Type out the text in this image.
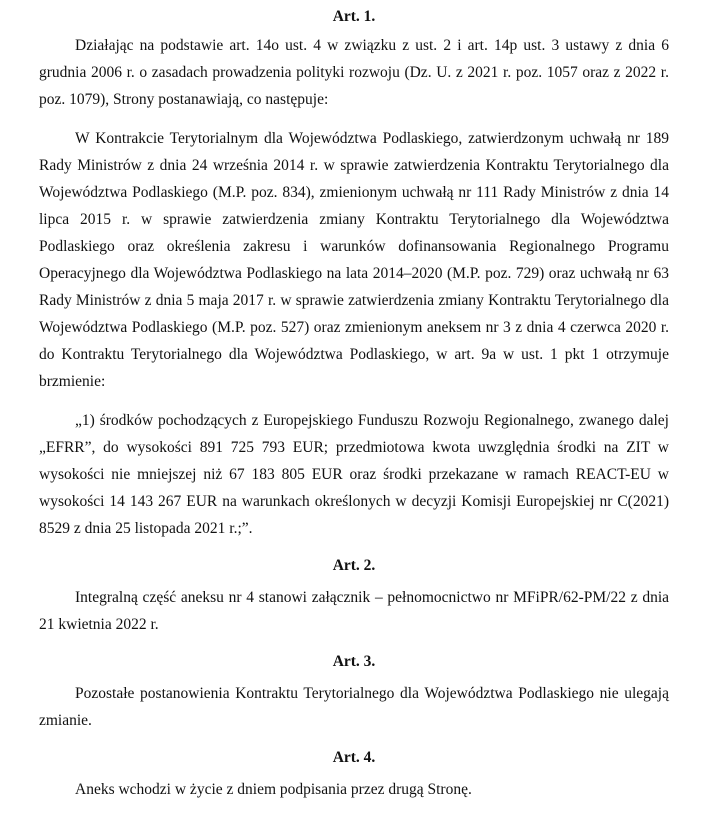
Art. 1.

Działając na podstawie art. 14o ust. 4 w związku z ust. 2 i art. 14p ust. 3 ustawy z dnia 6 grudnia 2006 r. o zasadach prowadzenia polityki rozwoju (Dz. U. z 2021 r. poz. 1057 oraz z 2022 r. poz. 1079), Strony postanawiają, co następuje:

W Kontrakcie Terytorialnym dla Województwa Podlaskiego, zatwierdzonym uchwałą nr 189 Rady Ministrów z dnia 24 września 2014 r. w sprawie zatwierdzenia Kontraktu Terytorialnego dla Województwa Podlaskiego (M.P. poz. 834), zmienionym uchwałą nr 111 Rady Ministrów z dnia 14 lipca 2015 r. w sprawie zatwierdzenia zmiany Kontraktu Terytorialnego dla Województwa Podlaskiego oraz określenia zakresu i warunków dofinansowania Regionalnego Programu Operacyjnego dla Województwa Podlaskiego na lata 2014–2020 (M.P. poz. 729) oraz uchwałą nr 63 Rady Ministrów z dnia 5 maja 2017 r. w sprawie zatwierdzenia zmiany Kontraktu Terytorialnego dla Województwa Podlaskiego (M.P. poz. 527) oraz zmienionym aneksem nr 3 z dnia 4 czerwca 2020 r. do Kontraktu Terytorialnego dla Województwa Podlaskiego, w art. 9a w ust. 1 pkt 1 otrzymuje brzmienie:

„1) środków pochodzących z Europejskiego Funduszu Rozwoju Regionalnego, zwanego dalej „EFRR”, do wysokości 891 725 793 EUR; przedmiotowa kwota uwzględnia środki na ZIT w wysokości nie mniejszej niż 67 183 805 EUR oraz środki przekazane w ramach REACT-EU w wysokości 14 143 267 EUR na warunkach określonych w decyzji Komisji Europejskiej nr C(2021) 8529 z dnia 25 listopada 2021 r.;”.

Art. 2.

Integralną część aneksu nr 4 stanowi załącznik – pełnomocnictwo nr MFiPR/62-PM/22 z dnia 21 kwietnia 2022 r.

Art. 3.

Pozostałe postanowienia Kontraktu Terytorialnego dla Województwa Podlaskiego nie ulegają zmianie.

Art. 4.

Aneks wchodzi w życie z dniem podpisania przez drugą Stronę.
